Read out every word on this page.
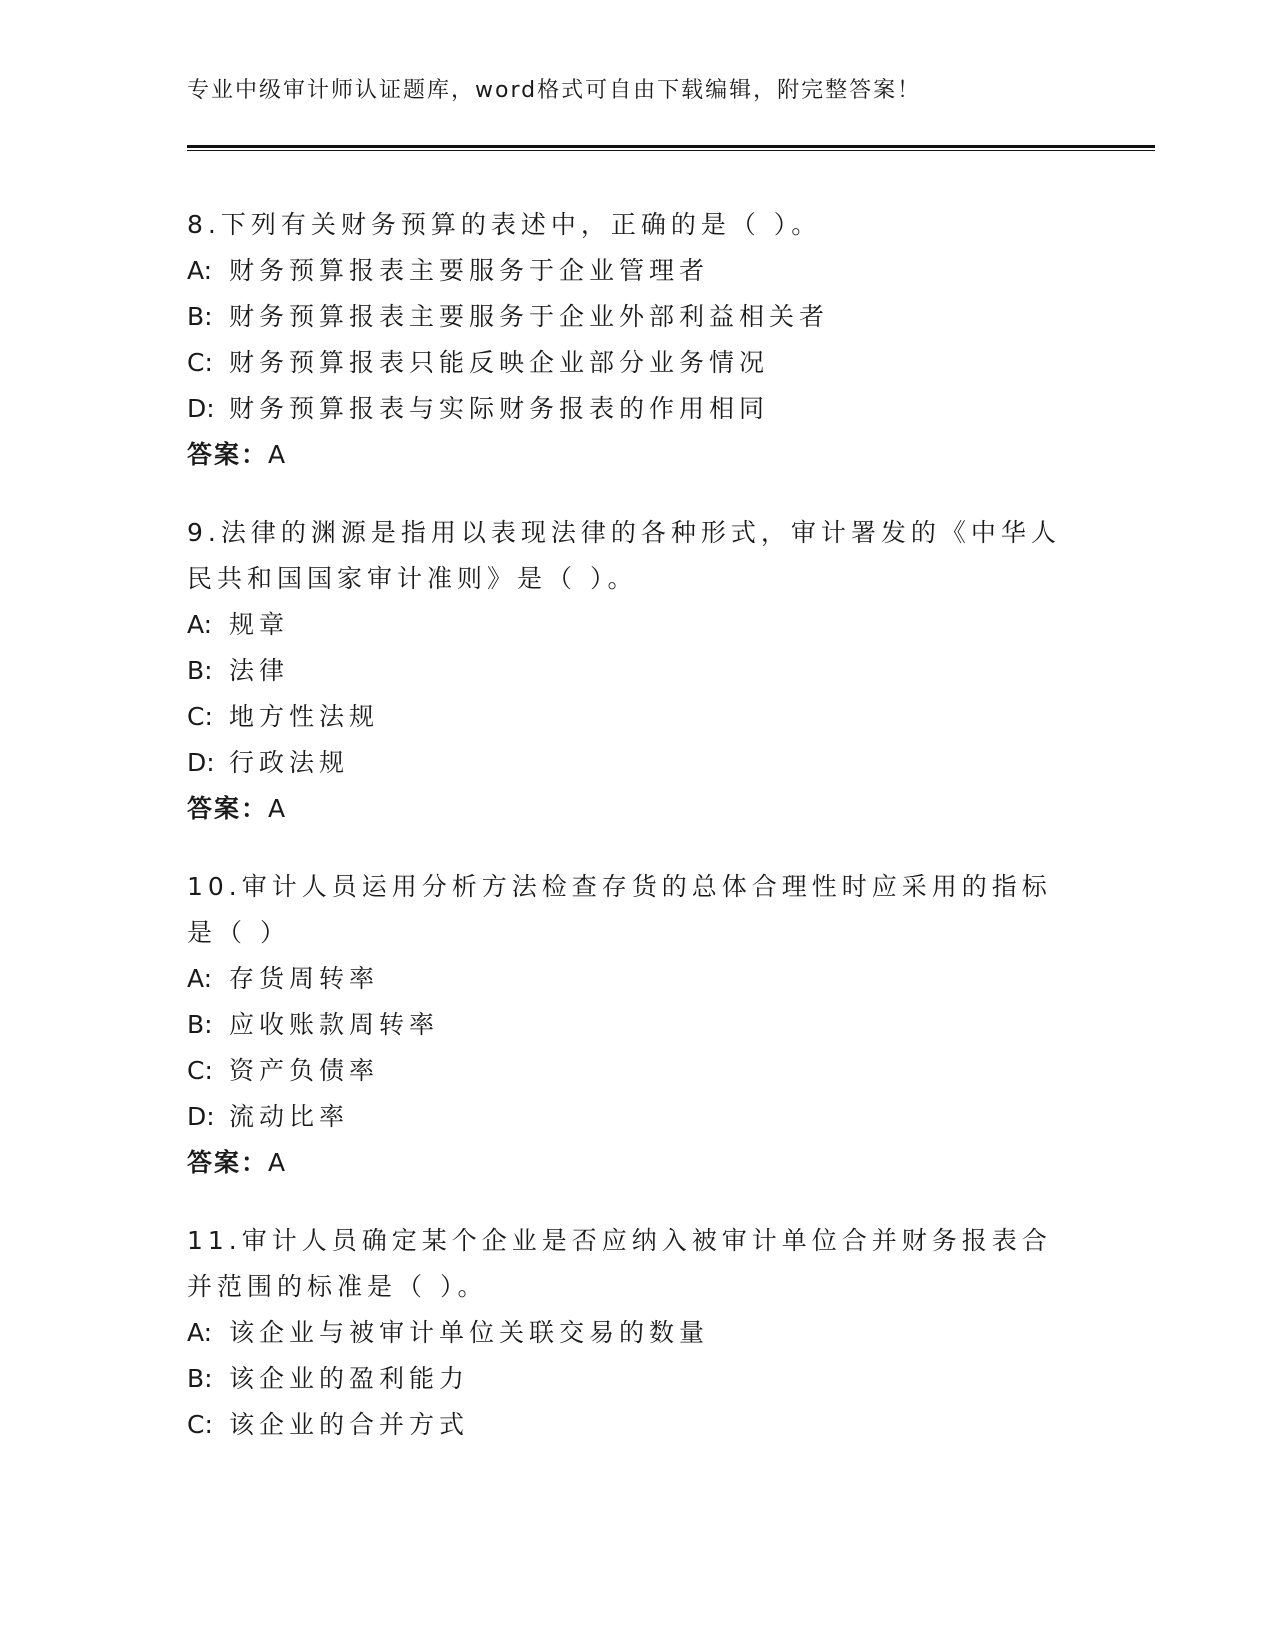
专业中级审计师认证题库，word格式可自由下载编辑，附完整答案！
8.下列有关财务预算的表述中，正确的是（ ）。
A: 财务预算报表主要服务于企业管理者
B: 财务预算报表主要服务于企业外部利益相关者
C: 财务预算报表只能反映企业部分业务情况
D: 财务预算报表与实际财务报表的作用相同
答案：A
9.法律的渊源是指用以表现法律的各种形式，审计署发的《中华人民共和国国家审计准则》是（ ）。
A: 规章
B: 法律
C: 地方性法规
D: 行政法规
答案：A
10.审计人员运用分析方法检查存货的总体合理性时应采用的指标是（ ）
A: 存货周转率
B: 应收账款周转率
C: 资产负债率
D: 流动比率
答案：A
11.审计人员确定某个企业是否应纳入被审计单位合并财务报表合并范围的标准是（ ）。
A: 该企业与被审计单位关联交易的数量
B: 该企业的盈利能力
C: 该企业的合并方式
